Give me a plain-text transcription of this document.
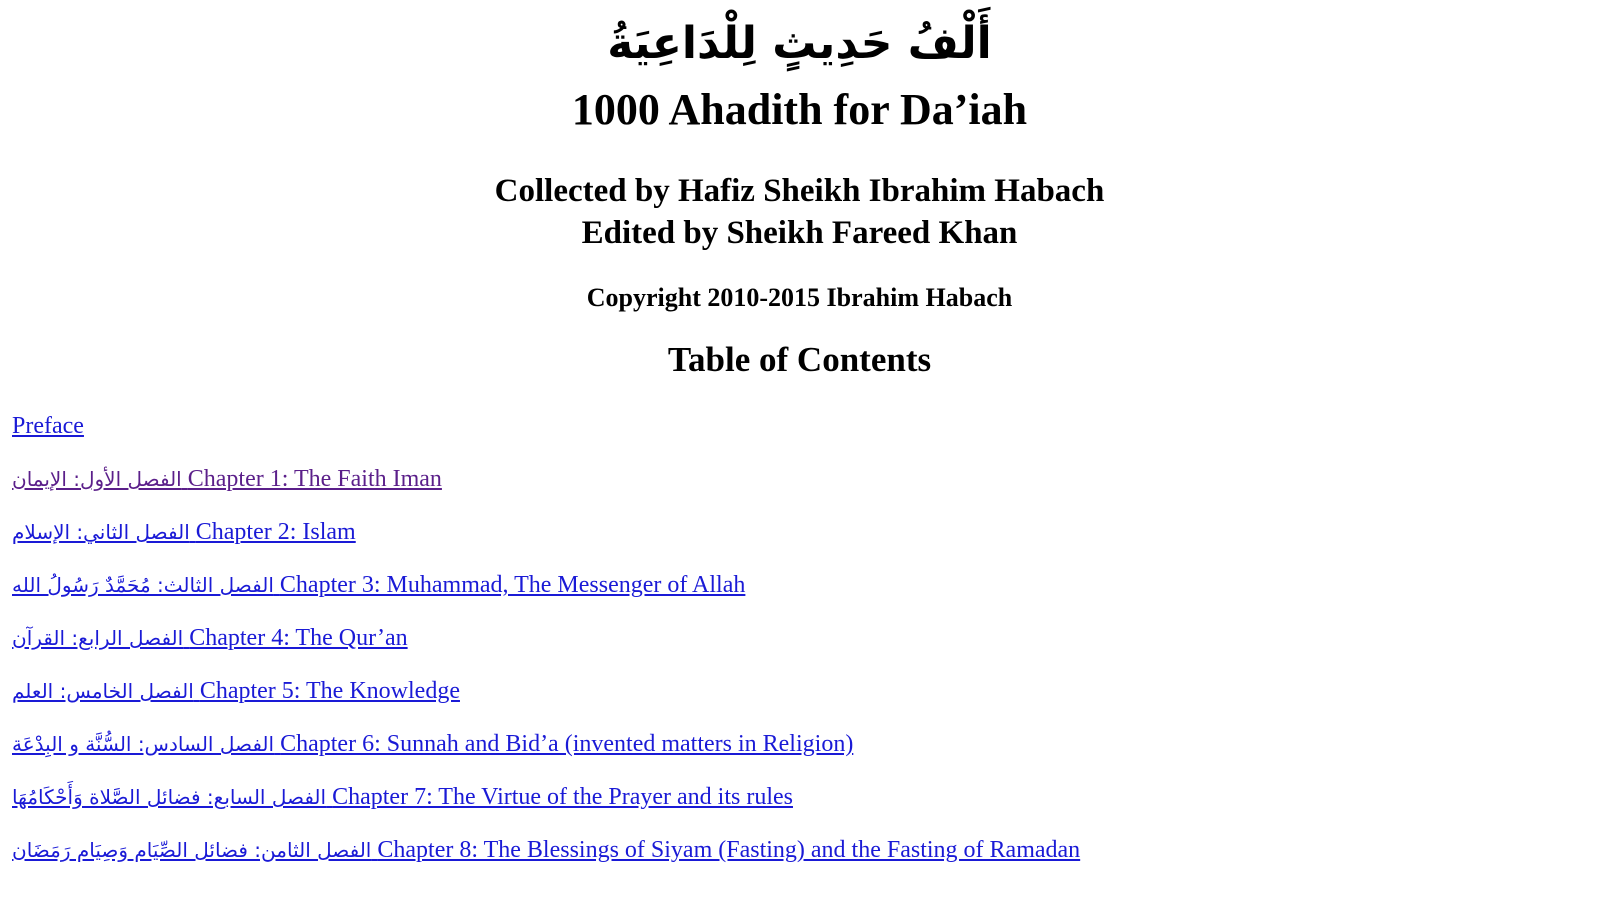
أَلْفُ حَدِيثٍ لِلْدَاعِيَةُ
1000 Ahadith for Da’iah
Collected by Hafiz Sheikh Ibrahim Habach
Edited by Sheikh Fareed Khan
Copyright 2010-2015 Ibrahim Habach
Table of Contents
Preface
الفصل الأول: الإيمان Chapter 1: The Faith Iman
الفصل الثاني: الإسلام Chapter 2: Islam
الفصل الثالث: مُحَمَّدٌ رَسُولُ الله Chapter 3: Muhammad, The Messenger of Allah
الفصل الرابع: القرآن Chapter 4: The Qur’an
الفصل الخامس: العلم Chapter 5: The Knowledge
الفصل السادس: السُّنَّة و البِدْعَة Chapter 6: Sunnah and Bid’a (invented matters in Religion)
الفصل السابع: فضائل الصَّلاة وَأَحْكَامُهَا Chapter 7: The Virtue of the Prayer and its rules
الفصل الثامن: فضائل الصِّيَام وَصِيَام رَمَضَان Chapter 8: The Blessings of Siyam (Fasting) and the Fasting of Ramadan
